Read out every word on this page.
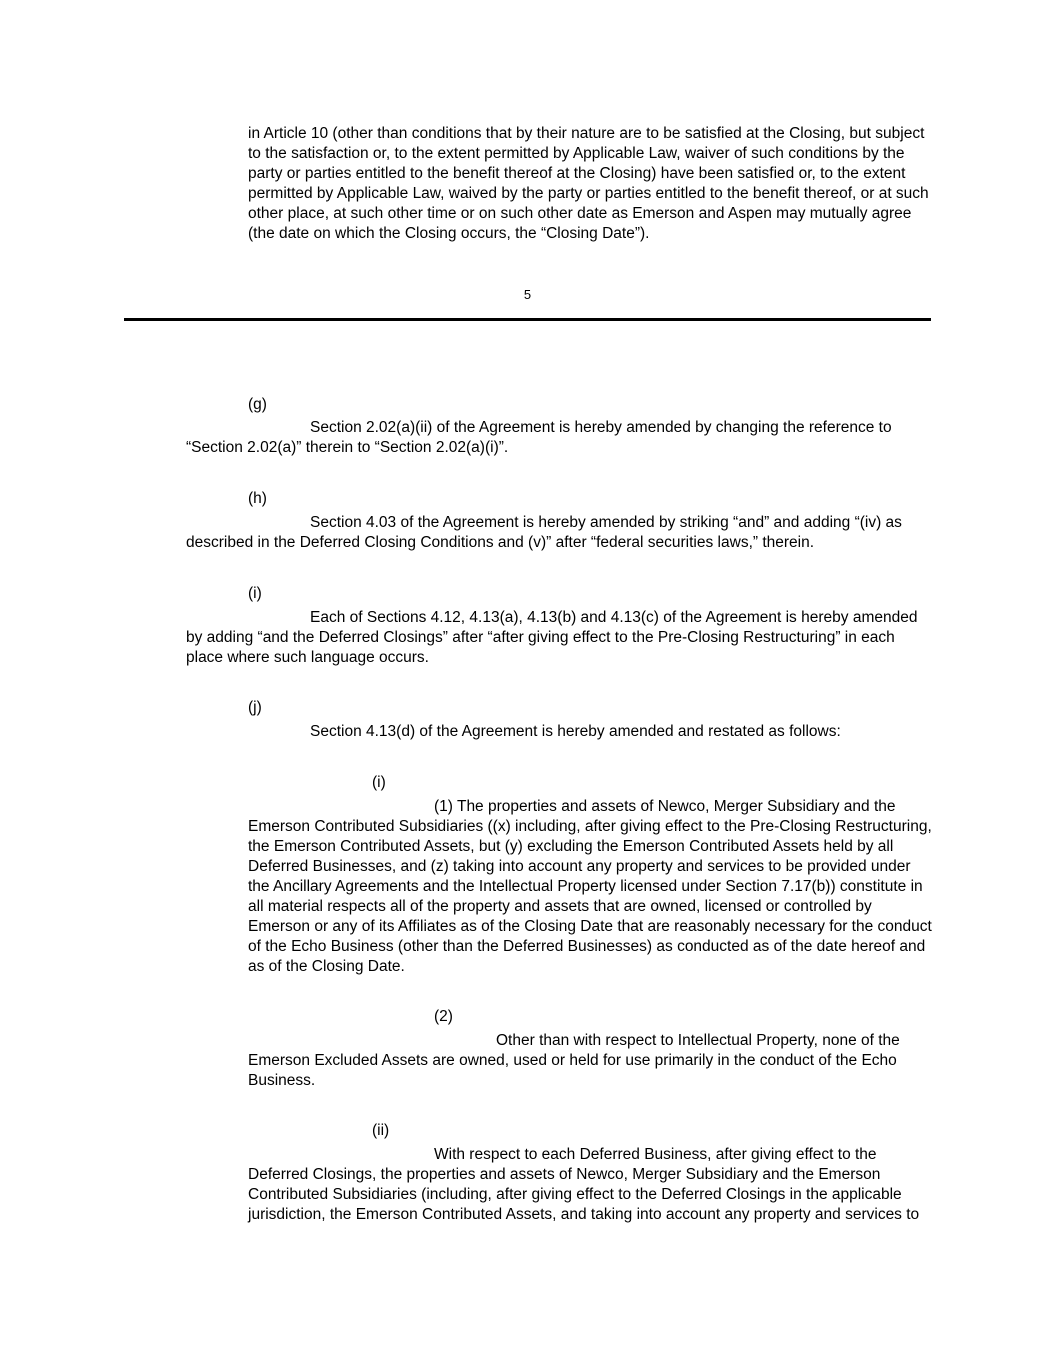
in Article 10 (other than conditions that by their nature are to be satisfied at the Closing, but subject to the satisfaction or, to the extent permitted by Applicable Law, waiver of such conditions by the party or parties entitled to the benefit thereof at the Closing) have been satisfied or, to the extent permitted by Applicable Law, waived by the party or parties entitled to the benefit thereof, or at such other place, at such other time or on such other date as Emerson and Aspen may mutually agree (the date on which the Closing occurs, the “Closing Date”).

5
(g)

Section 2.02(a)(ii) of the Agreement is hereby amended by changing the reference to “Section 2.02(a)” therein to “Section 2.02(a)(i)”.

(h)

Section 4.03 of the Agreement is hereby amended by striking “and” and adding “(iv) as described in the Deferred Closing Conditions and (v)” after “federal securities laws,” therein.

(i)

Each of Sections 4.12, 4.13(a), 4.13(b) and 4.13(c) of the Agreement is hereby amended by adding “and the Deferred Closings” after “after giving effect to the Pre-Closing Restructuring” in each place where such language occurs.

(j)

Section 4.13(d) of the Agreement is hereby amended and restated as follows:

(i)

(1) The properties and assets of Newco, Merger Subsidiary and the Emerson Contributed Subsidiaries ((x) including, after giving effect to the Pre-Closing Restructuring, the Emerson Contributed Assets, but (y) excluding the Emerson Contributed Assets held by all Deferred Businesses, and (z) taking into account any property and services to be provided under the Ancillary Agreements and the Intellectual Property licensed under Section 7.17(b)) constitute in all material respects all of the property and assets that are owned, licensed or controlled by Emerson or any of its Affiliates as of the Closing Date that are reasonably necessary for the conduct of the Echo Business (other than the Deferred Businesses) as conducted as of the date hereof and as of the Closing Date.

(2)

Other than with respect to Intellectual Property, none of the Emerson Excluded Assets are owned, used or held for use primarily in the conduct of the Echo Business.

(ii)

With respect to each Deferred Business, after giving effect to the Deferred Closings, the properties and assets of Newco, Merger Subsidiary and the Emerson Contributed Subsidiaries (including, after giving effect to the Deferred Closings in the applicable jurisdiction, the Emerson Contributed Assets, and taking into account any property and services to
